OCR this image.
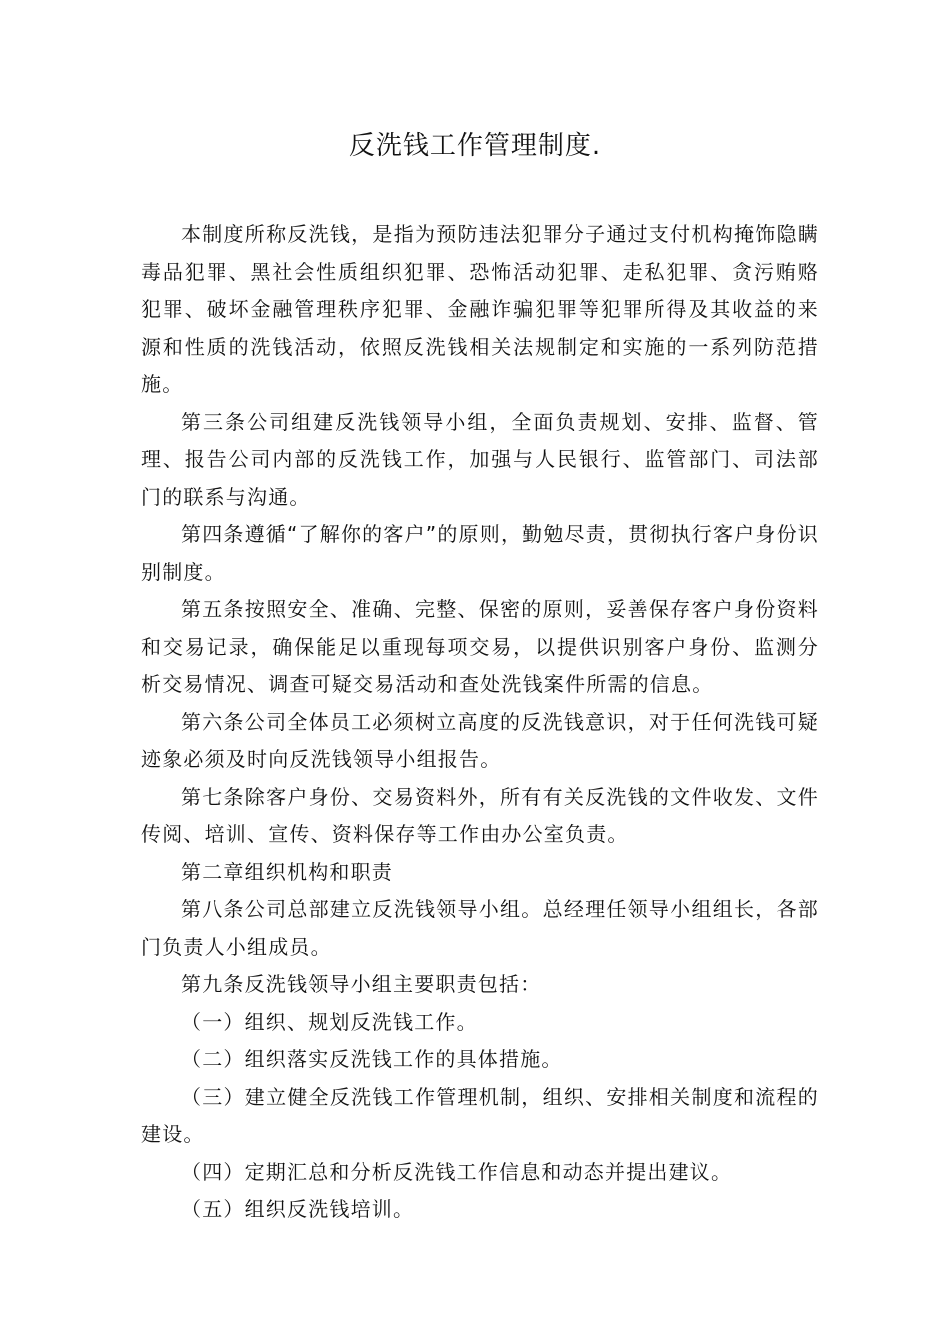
反洗钱工作管理制度.

本制度所称反洗钱，是指为预防违法犯罪分子通过支付机构掩饰隐瞒毒品犯罪、黑社会性质组织犯罪、恐怖活动犯罪、走私犯罪、贪污贿赂犯罪、破坏金融管理秩序犯罪、金融诈骗犯罪等犯罪所得及其收益的来源和性质的洗钱活动，依照反洗钱相关法规制定和实施的一系列防范措施。

第三条公司组建反洗钱领导小组，全面负责规划、安排、监督、管理、报告公司内部的反洗钱工作，加强与人民银行、监管部门、司法部门的联系与沟通。

第四条遵循“了解你的客户”的原则，勤勉尽责，贯彻执行客户身份识别制度。

第五条按照安全、准确、完整、保密的原则，妥善保存客户身份资料和交易记录，确保能足以重现每项交易，以提供识别客户身份、监测分析交易情况、调查可疑交易活动和查处洗钱案件所需的信息。

第六条公司全体员工必须树立高度的反洗钱意识，对于任何洗钱可疑迹象必须及时向反洗钱领导小组报告。

第七条除客户身份、交易资料外，所有有关反洗钱的文件收发、文件传阅、培训、宣传、资料保存等工作由办公室负责。

第二章组织机构和职责

第八条公司总部建立反洗钱领导小组。总经理任领导小组组长，各部门负责人小组成员。

第九条反洗钱领导小组主要职责包括：

（一）组织、规划反洗钱工作。

（二）组织落实反洗钱工作的具体措施。

（三）建立健全反洗钱工作管理机制，组织、安排相关制度和流程的建设。

（四）定期汇总和分析反洗钱工作信息和动态并提出建议。

（五）组织反洗钱培训。
